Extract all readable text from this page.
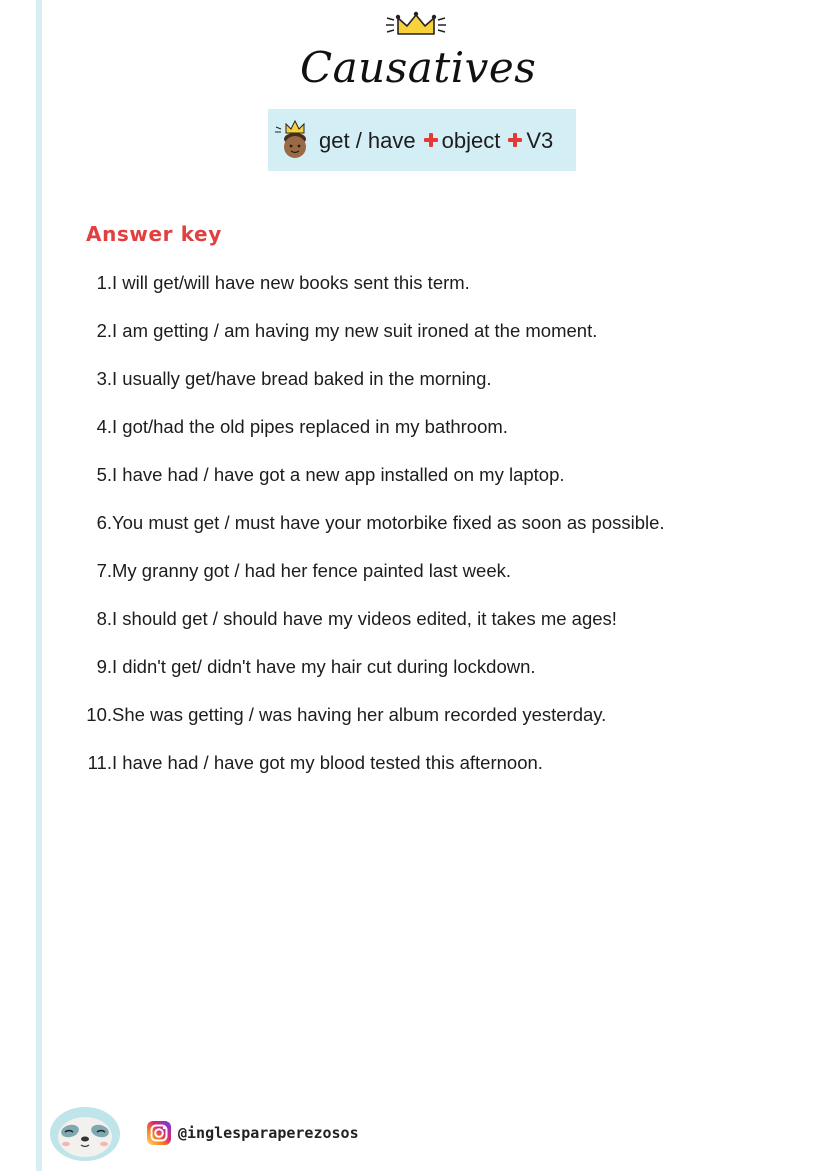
Causatives
get / have object V3
Answer key
1. I will get/will have new books sent this term.
2. I am getting / am having my new suit ironed at the moment.
3. I usually get/have bread baked in the morning.
4. I got/had the old pipes replaced in my bathroom.
5. I have had / have got a new app installed on my laptop.
6. You must get / must have your motorbike fixed as soon as possible.
7. My granny got / had her fence painted last week.
8. I should get / should have my videos edited, it takes me ages!
9. I didn't get/ didn't have my hair cut during lockdown.
10. She was getting / was having her album recorded yesterday.
11. I have had / have got my blood tested this afternoon.
@inglesparaperezosos
